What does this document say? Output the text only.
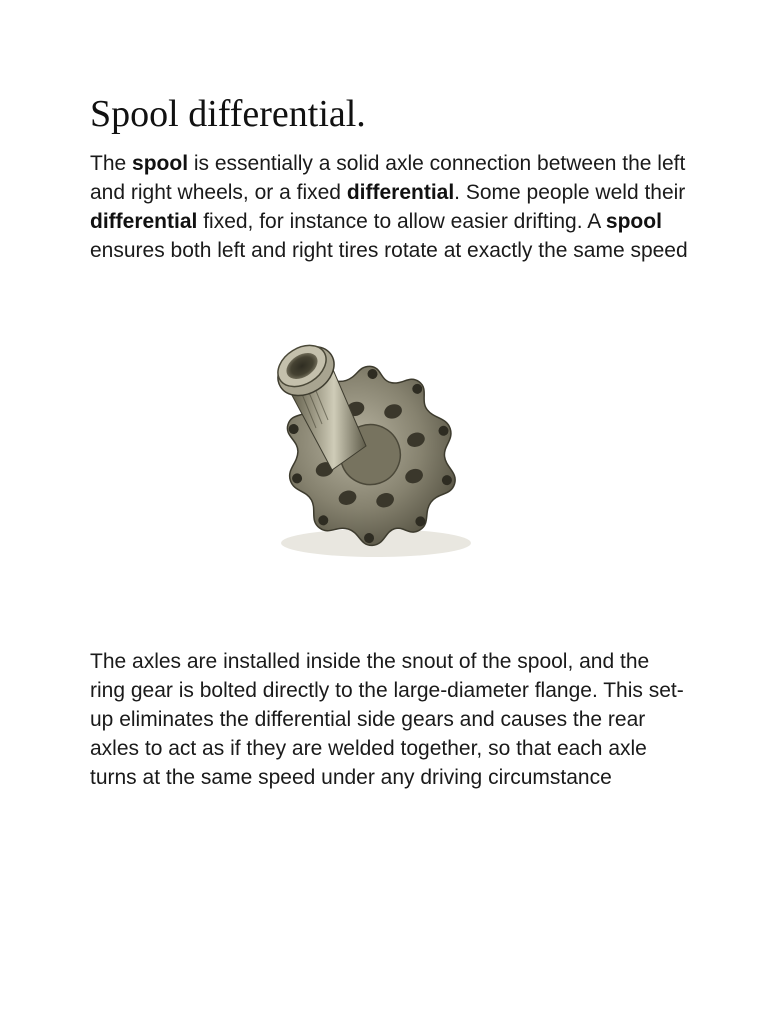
Spool differential.

The spool is essentially a solid axle connection between the left and right wheels, or a fixed differential. Some people weld their differential fixed, for instance to allow easier drifting. A spool ensures both left and right tires rotate at exactly the same speed

The axles are installed inside the snout of the spool, and the ring gear is bolted directly to the large-diameter flange. This set-up eliminates the differential side gears and causes the rear axles to act as if they are welded together, so that each axle turns at the same speed under any driving circumstance
